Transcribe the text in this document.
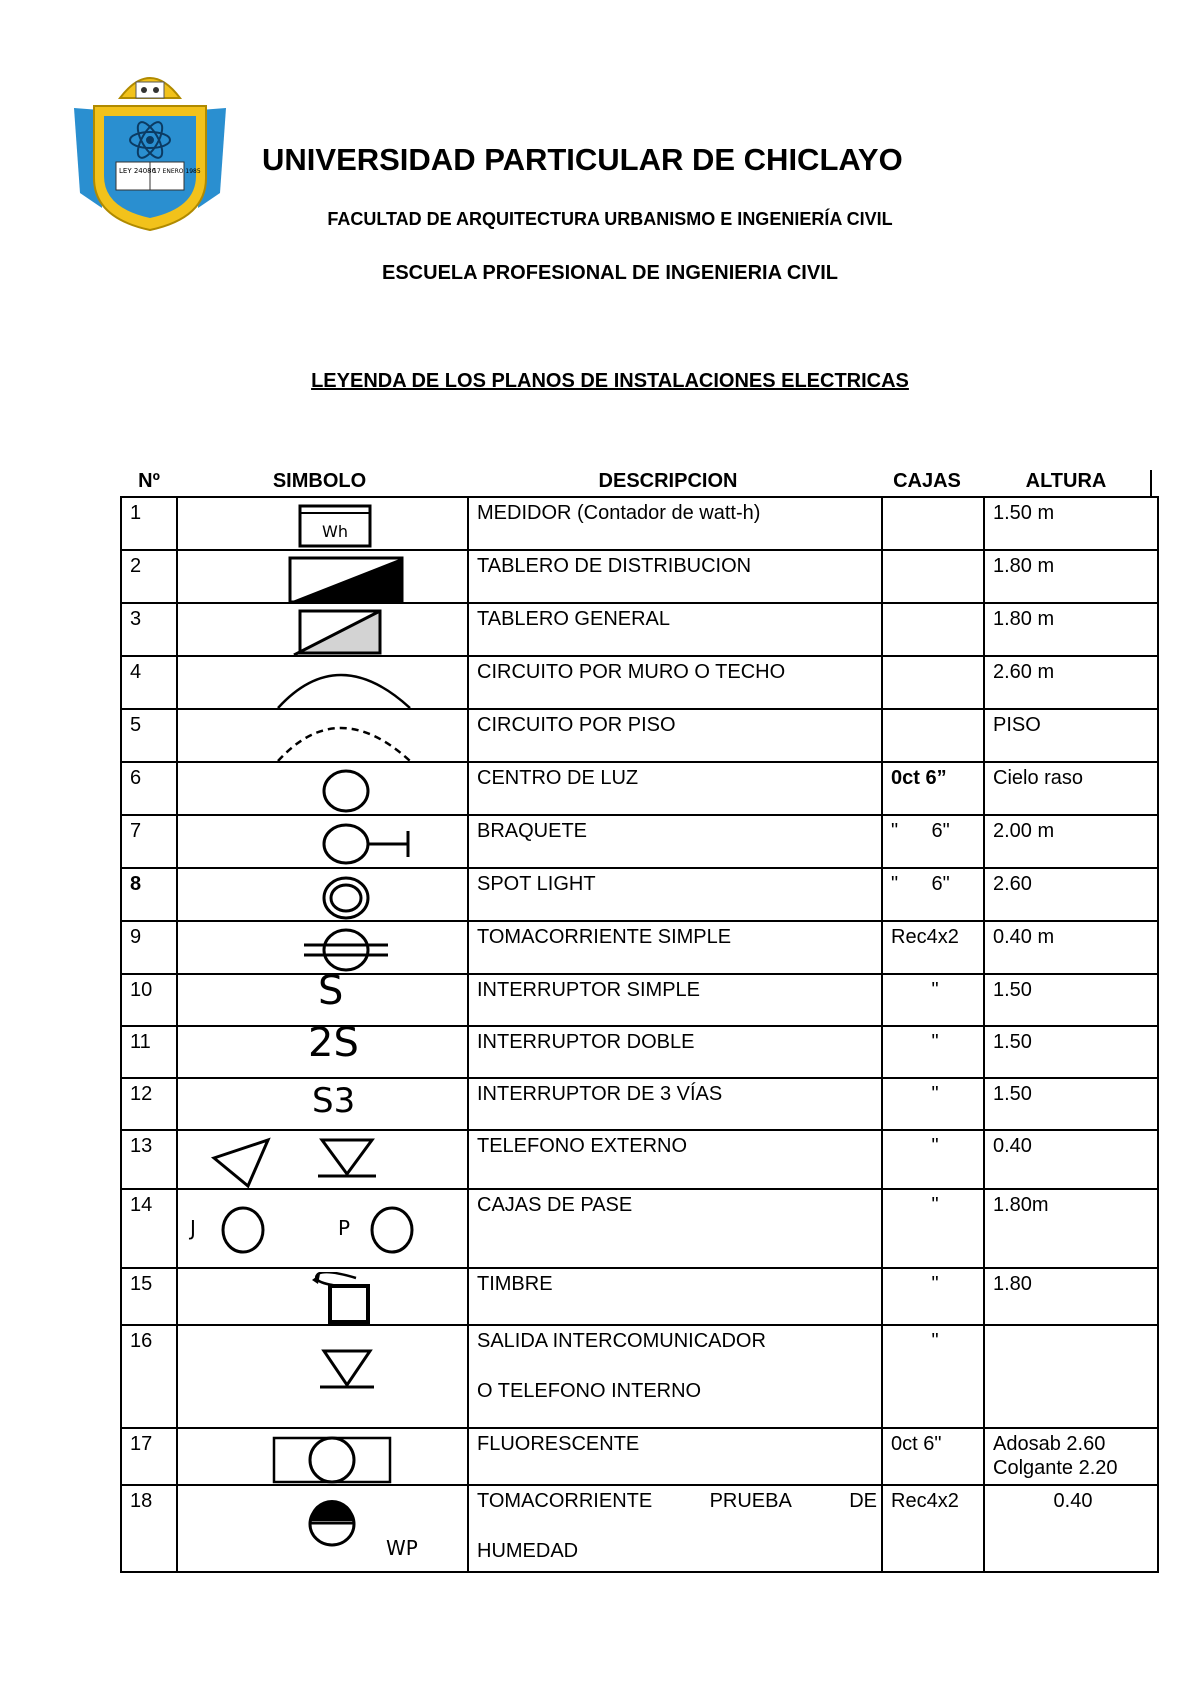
LEY 24086
17 ENERO 1985 UNIVERSIDAD PARTICULAR DE CHICLAYO
FACULTAD DE ARQUITECTURA URBANISMO E INGENIERÍA CIVIL
ESCUELA PROFESIONAL DE INGENIERIA CIVIL
LEYENDA DE LOS PLANOS DE INSTALACIONES ELECTRICAS
Nº	SIMBOLO	DESCRIPCION	CAJAS	ALTURA
1	Wh	MEDIDOR (Contador de watt-h)		1.50 m
2		TABLERO DE DISTRIBUCION		1.80 m
3		TABLERO GENERAL		1.80 m
4		CIRCUITO POR MURO O TECHO		2.60 m
5		CIRCUITO POR PISO		PISO
6		CENTRO DE LUZ	0ct 6”	Cielo raso
7		BRAQUETE	"      6"	2.00 m
8		SPOT LIGHT	"      6"	2.60
9		TOMACORRIENTE SIMPLE	Rec4x2	0.40 m
10	S	INTERRUPTOR SIMPLE	"	1.50
11	2S	INTERRUPTOR DOBLE	"	1.50
12	S3	INTERRUPTOR DE 3 VÍAS	"	1.50
13		TELEFONO EXTERNO	"	0.40
14	J P	CAJAS DE PASE	"	1.80m
15		TIMBRE	"	1.80
16		SALIDA INTERCOMUNICADOR
O TELEFONO INTERNO	"	
17		FLUORESCENTE	0ct 6"	Adosab 2.60
Colgante 2.20

18	WP	TOMACORRIENTE PRUEBA DE
HUMEDAD	Rec4x2	0.40
